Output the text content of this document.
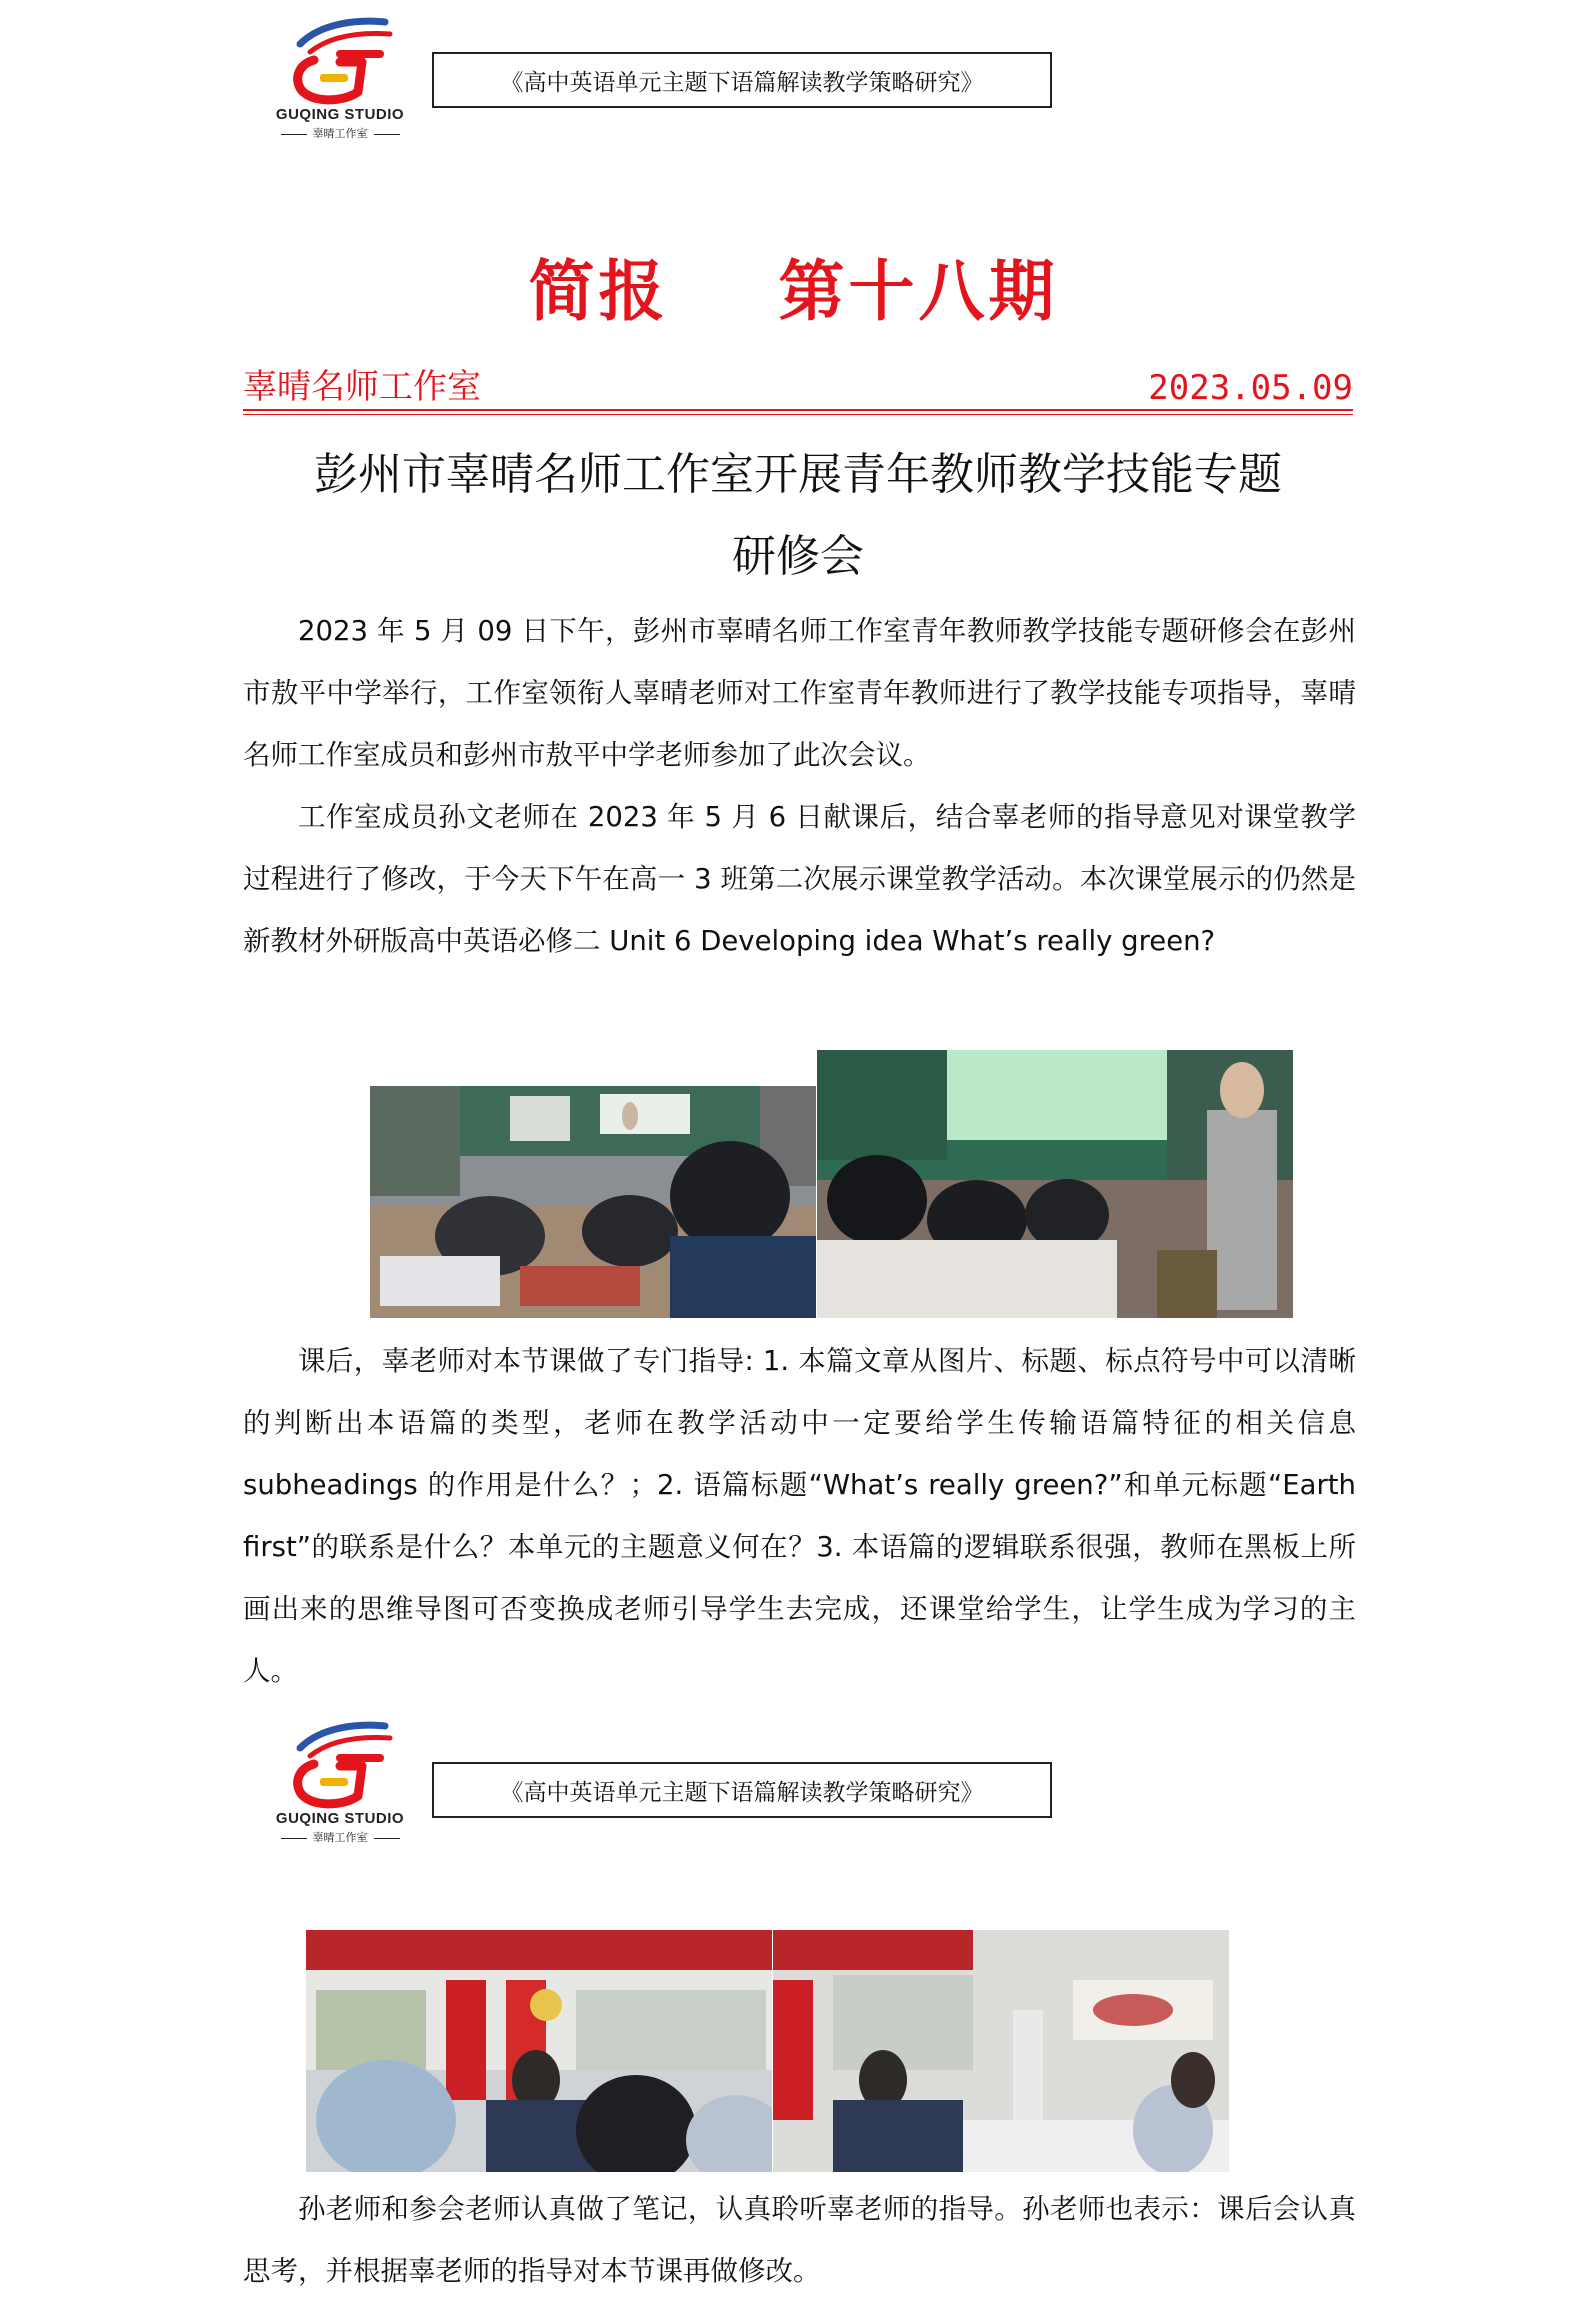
GUQING STUDIO
辜晴工作室
《高中英语单元主题下语篇解读教学策略研究》
简报 第十八期
辜晴名师工作室	2023.05.09
彭州市辜晴名师工作室开展青年教师教学技能专题
研修会

2023 年 5 月 09 日下午，彭州市辜晴名师工作室青年教师教学技能专题研修会在彭州市敖平中学举行，工作室领衔人辜晴老师对工作室青年教师进行了教学技能专项指导，辜晴名师工作室成员和彭州市敖平中学老师参加了此次会议。

工作室成员孙文老师在 2023 年 5 月 6 日献课后，结合辜老师的指导意见对课堂教学过程进行了修改，于今天下午在高一 3 班第二次展示课堂教学活动。本次课堂展示的仍然是新教材外研版高中英语必修二 Unit 6 Developing idea What’s really green?

课后，辜老师对本节课做了专门指导: 1. 本篇文章从图片、标题、标点符号中可以清晰的判断出本语篇的类型，老师在教学活动中一定要给学生传输语篇特征的相关信息 subheadings 的作用是什么？；2. 语篇标题“What’s really green?”和单元标题“Earth first”的联系是什么？本单元的主题意义何在？3. 本语篇的逻辑联系很强，教师在黑板上所画出来的思维导图可否变换成老师引导学生去完成，还课堂给学生，让学生成为学习的主人。

GUQING STUDIO
辜晴工作室
《高中英语单元主题下语篇解读教学策略研究》

孙老师和参会老师认真做了笔记，认真聆听辜老师的指导。孙老师也表示：课后会认真思考，并根据辜老师的指导对本节课再做修改。
